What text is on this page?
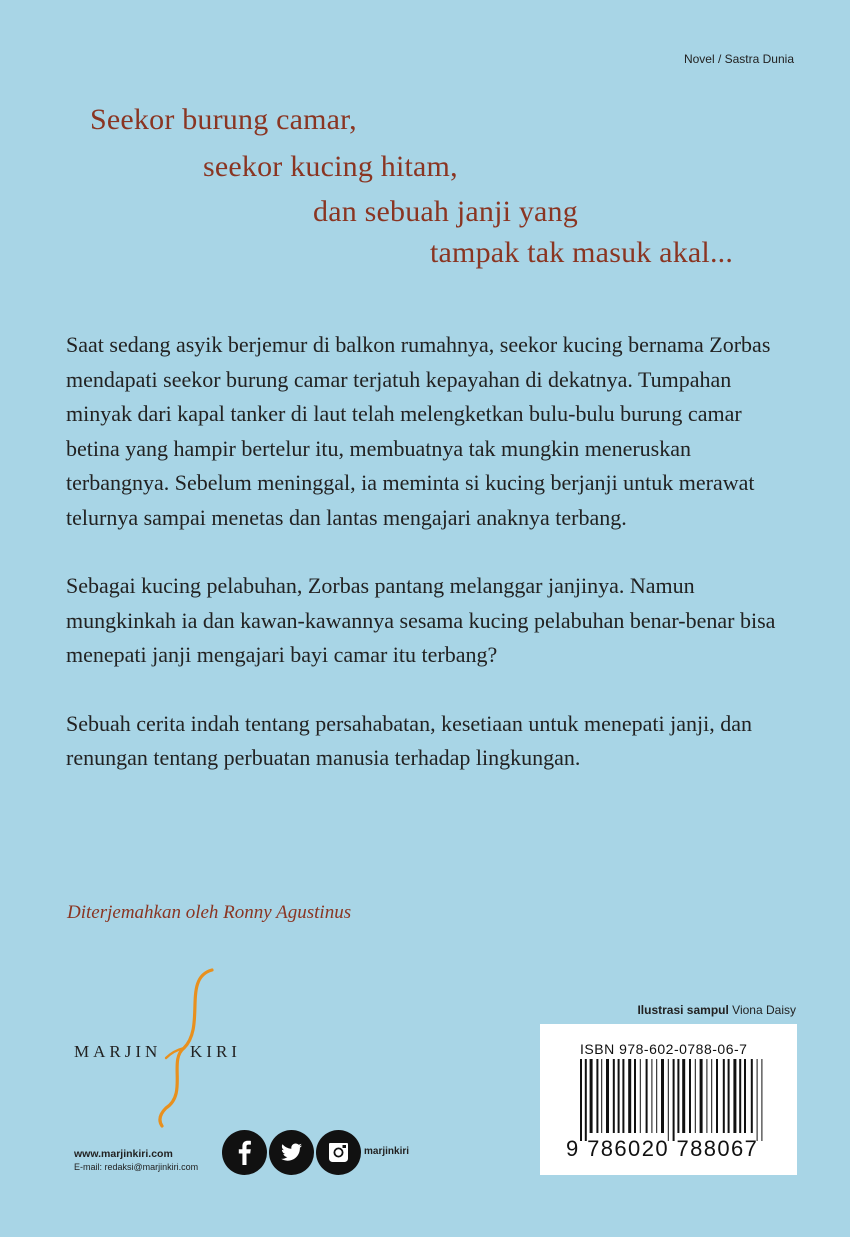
Novel / Sastra Dunia
Seekor burung camar,
seekor kucing hitam,
dan sebuah janji yang
tampak tak masuk akal...

Saat sedang asyik berjemur di balkon rumahnya, seekor kucing bernama Zorbas mendapati seekor burung camar terjatuh kepayahan di dekatnya. Tumpahan minyak dari kapal tanker di laut telah melengketkan bulu-bulu burung camar betina yang hampir bertelur itu, membuatnya tak mungkin meneruskan terbangnya. Sebelum meninggal, ia meminta si kucing berjanji untuk merawat telurnya sampai menetas dan lantas mengajari anaknya terbang.

Sebagai kucing pelabuhan, Zorbas pantang melanggar janjinya. Namun mungkinkah ia dan kawan-kawannya sesama kucing pelabuhan benar-benar bisa menepati janji mengajari bayi camar itu terbang?

Sebuah cerita indah tentang persahabatan, kesetiaan untuk menepati janji, dan renungan tentang perbuatan manusia terhadap lingkungan.

Diterjemahkan oleh Ronny Agustinus
MARJIN KIRI
www.marjinkiri.com
E-mail: redaksi@marjinkiri.com
marjinkiri
Ilustrasi sampul Viona Daisy
ISBN 978-602-0788-06-7
9 786020 788067
